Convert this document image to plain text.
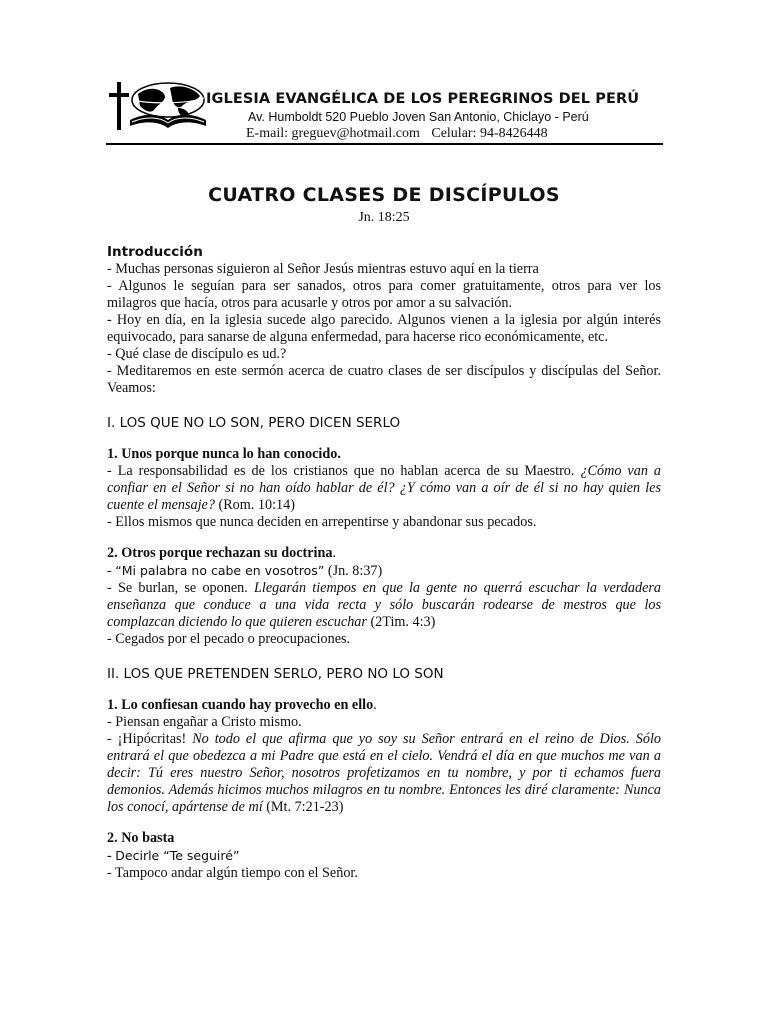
IGLESIA EVANGÉLICA DE LOS PEREGRINOS DEL PERÚ
Av. Humboldt 520 Pueblo Joven San Antonio, Chiclayo - Perú
E-mail: greguev@hotmail.com Celular: 94-8426448
CUATRO CLASES DE DISCÍPULOS
Jn. 18:25

Introducción

- Muchas personas siguieron al Señor Jesús mientras estuvo aquí en la tierra

- Algunos le seguían para ser sanados, otros para comer gratuitamente, otros para ver los milagros que hacía, otros para acusarle y otros por amor a su salvación.

- Hoy en día, en la iglesia sucede algo parecido. Algunos vienen a la iglesia por algún interés equivocado, para sanarse de alguna enfermedad, para hacerse rico económicamente, etc.

- Qué clase de discípulo es ud.?

- Meditaremos en este sermón acerca de cuatro clases de ser discípulos y discípulas del Señor. Veamos:

I. LOS QUE NO LO SON, PERO DICEN SERLO

1. Unos porque nunca lo han conocido.

- La responsabilidad es de los cristianos que no hablan acerca de su Maestro. ¿Cómo van a confiar en el Señor si no han oído hablar de él? ¿Y cómo van a oír de él si no hay quien les cuente el mensaje? (Rom. 10:14)

- Ellos mismos que nunca deciden en arrepentirse y abandonar sus pecados.

2. Otros porque rechazan su doctrina.

- “Mi palabra no cabe en vosotros” (Jn. 8:37)

- Se burlan, se oponen. Llegarán tiempos en que la gente no querrá escuchar la verdadera enseñanza que conduce a una vida recta y sólo buscarán rodearse de mestros que los complazcan diciendo lo que quieren escuchar (2Tim. 4:3)

- Cegados por el pecado o preocupaciones.

II. LOS QUE PRETENDEN SERLO, PERO NO LO SON

1. Lo confiesan cuando hay provecho en ello.

- Piensan engañar a Cristo mismo.

- ¡Hipócritas! No todo el que afirma que yo soy su Señor entrará en el reino de Dios. Sólo entrará el que obedezca a mi Padre que está en el cielo. Vendrá el día en que muchos me van a decir: Tú eres nuestro Señor, nosotros profetizamos en tu nombre, y por ti echamos fuera demonios. Además hicimos muchos milagros en tu nombre. Entonces les diré claramente: Nunca los conocí, apártense de mí (Mt. 7:21-23)

2. No basta

- Decirle “Te seguiré”

- Tampoco andar algún tiempo con el Señor.
